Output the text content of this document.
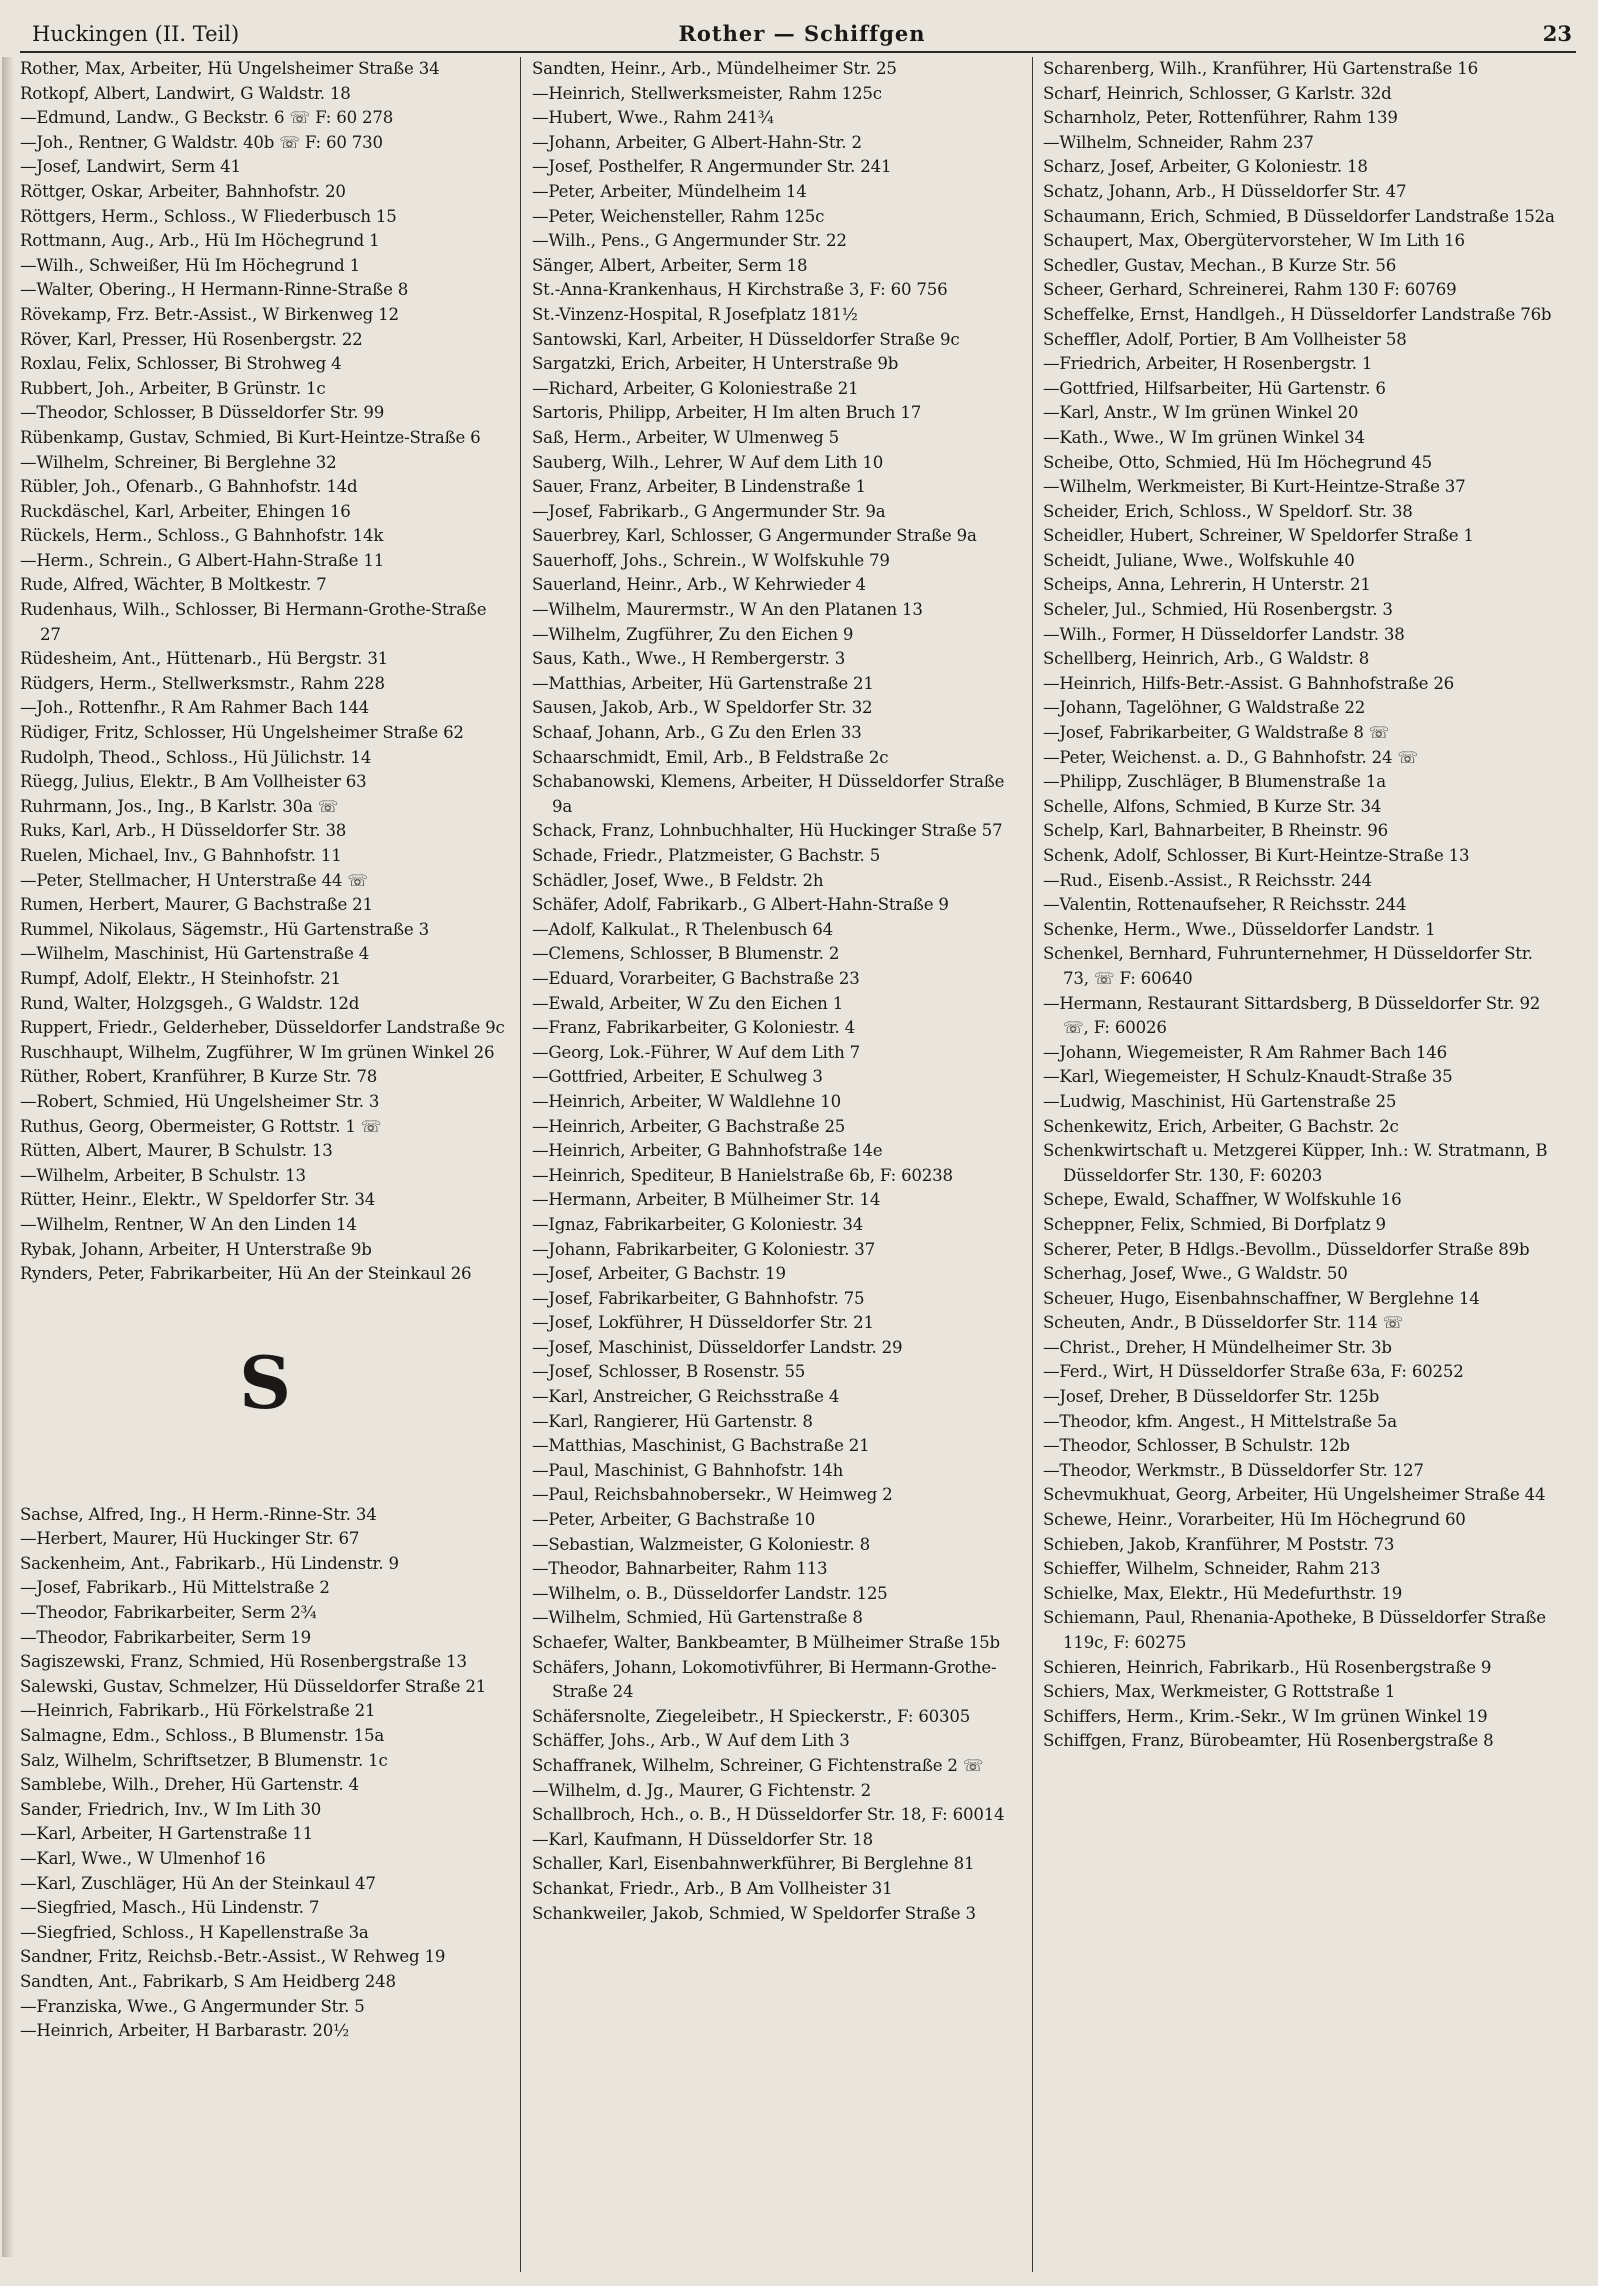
Huckingen (II. Teil)	Rother — Schiffgen	23
Rother, Max, Arbeiter, Hü Ungelsheimer Straße 34
Rotkopf, Albert, Landwirt, G Waldstr. 18
—Edmund, Landw., G Beckstr. 6 ☏ F: 60 278
—Joh., Rentner, G Waldstr. 40b ☏ F: 60 730
—Josef, Landwirt, Serm 41
Röttger, Oskar, Arbeiter, Bahnhofstr. 20
Röttgers, Herm., Schloss., W Fliederbusch 15
Rottmann, Aug., Arb., Hü Im Höchegrund 1
—Wilh., Schweißer, Hü Im Höchegrund 1
—Walter, Obering., H Hermann-Rinne-Straße 8
Rövekamp, Frz. Betr.-Assist., W Birkenweg 12
Röver, Karl, Presser, Hü Rosenbergstr. 22
Roxlau, Felix, Schlosser, Bi Strohweg 4
Rubbert, Joh., Arbeiter, B Grünstr. 1c
—Theodor, Schlosser, B Düsseldorfer Str. 99
Rübenkamp, Gustav, Schmied, Bi Kurt-Heintze-Straße 6
—Wilhelm, Schreiner, Bi Berglehne 32
Rübler, Joh., Ofenarb., G Bahnhofstr. 14d
Ruckdäschel, Karl, Arbeiter, Ehingen 16
Rückels, Herm., Schloss., G Bahnhofstr. 14k
—Herm., Schrein., G Albert-Hahn-Straße 11
Rude, Alfred, Wächter, B Moltkestr. 7
Rudenhaus, Wilh., Schlosser, Bi Hermann-Grothe-Straße 27
Rüdesheim, Ant., Hüttenarb., Hü Bergstr. 31
Rüdgers, Herm., Stellwerksmstr., Rahm 228
—Joh., Rottenfhr., R Am Rahmer Bach 144
Rüdiger, Fritz, Schlosser, Hü Ungelsheimer Straße 62
Rudolph, Theod., Schloss., Hü Jülichstr. 14
Rüegg, Julius, Elektr., B Am Vollheister 63
Ruhrmann, Jos., Ing., B Karlstr. 30a ☏
Ruks, Karl, Arb., H Düsseldorfer Str. 38
Ruelen, Michael, Inv., G Bahnhofstr. 11
—Peter, Stellmacher, H Unterstraße 44 ☏
Rumen, Herbert, Maurer, G Bachstraße 21
Rummel, Nikolaus, Sägemstr., Hü Gartenstraße 3
—Wilhelm, Maschinist, Hü Gartenstraße 4
Rumpf, Adolf, Elektr., H Steinhofstr. 21
Rund, Walter, Holzgsgeh., G Waldstr. 12d
Ruppert, Friedr., Gelderheber, Düsseldorfer Landstraße 9c
Ruschhaupt, Wilhelm, Zugführer, W Im grünen Winkel 26
Rüther, Robert, Kranführer, B Kurze Str. 78
—Robert, Schmied, Hü Ungelsheimer Str. 3
Ruthus, Georg, Obermeister, G Rottstr. 1 ☏
Rütten, Albert, Maurer, B Schulstr. 13
—Wilhelm, Arbeiter, B Schulstr. 13
Rütter, Heinr., Elektr., W Speldorfer Str. 34
—Wilhelm, Rentner, W An den Linden 14
Rybak, Johann, Arbeiter, H Unterstraße 9b
Rynders, Peter, Fabrikarbeiter, Hü An der Steinkaul 26
S
Sachse, Alfred, Ing., H Herm.-Rinne-Str. 34
—Herbert, Maurer, Hü Huckinger Str. 67
Sackenheim, Ant., Fabrikarb., Hü Lindenstr. 9
—Josef, Fabrikarb., Hü Mittelstraße 2
—Theodor, Fabrikarbeiter, Serm 2¾
—Theodor, Fabrikarbeiter, Serm 19
Sagiszewski, Franz, Schmied, Hü Rosenbergstraße 13
Salewski, Gustav, Schmelzer, Hü Düsseldorfer Straße 21
—Heinrich, Fabrikarb., Hü Förkelstraße 21
Salmagne, Edm., Schloss., B Blumenstr. 15a
Salz, Wilhelm, Schriftsetzer, B Blumenstr. 1c
Samblebe, Wilh., Dreher, Hü Gartenstr. 4
Sander, Friedrich, Inv., W Im Lith 30
—Karl, Arbeiter, H Gartenstraße 11
—Karl, Wwe., W Ulmenhof 16
—Karl, Zuschläger, Hü An der Steinkaul 47
—Siegfried, Masch., Hü Lindenstr. 7
—Siegfried, Schloss., H Kapellenstraße 3a
Sandner, Fritz, Reichsb.-Betr.-Assist., W Rehweg 19
Sandten, Ant., Fabrikarb, S Am Heidberg 248
—Franziska, Wwe., G Angermunder Str. 5
—Heinrich, Arbeiter, H Barbarastr. 20½
Sandten, Heinr., Arb., Mündelheimer Str. 25
—Heinrich, Stellwerksmeister, Rahm 125c
—Hubert, Wwe., Rahm 241¾
—Johann, Arbeiter, G Albert-Hahn-Str. 2
—Josef, Posthelfer, R Angermunder Str. 241
—Peter, Arbeiter, Mündelheim 14
—Peter, Weichensteller, Rahm 125c
—Wilh., Pens., G Angermunder Str. 22
Sänger, Albert, Arbeiter, Serm 18
St.-Anna-Krankenhaus, H Kirchstraße 3, F: 60 756
St.-Vinzenz-Hospital, R Josefplatz 181½
Santowski, Karl, Arbeiter, H Düsseldorfer Straße 9c
Sargatzki, Erich, Arbeiter, H Unterstraße 9b
—Richard, Arbeiter, G Koloniestraße 21
Sartoris, Philipp, Arbeiter, H Im alten Bruch 17
Saß, Herm., Arbeiter, W Ulmenweg 5
Sauberg, Wilh., Lehrer, W Auf dem Lith 10
Sauer, Franz, Arbeiter, B Lindenstraße 1
—Josef, Fabrikarb., G Angermunder Str. 9a
Sauerbrey, Karl, Schlosser, G Angermunder Straße 9a
Sauerhoff, Johs., Schrein., W Wolfskuhle 79
Sauerland, Heinr., Arb., W Kehrwieder 4
—Wilhelm, Maurermstr., W An den Platanen 13
—Wilhelm, Zugführer, Zu den Eichen 9
Saus, Kath., Wwe., H Rembergerstr. 3
—Matthias, Arbeiter, Hü Gartenstraße 21
Sausen, Jakob, Arb., W Speldorfer Str. 32
Schaaf, Johann, Arb., G Zu den Erlen 33
Schaarschmidt, Emil, Arb., B Feldstraße 2c
Schabanowski, Klemens, Arbeiter, H Düsseldorfer Straße 9a
Schack, Franz, Lohnbuchhalter, Hü Huckinger Straße 57
Schade, Friedr., Platzmeister, G Bachstr. 5
Schädler, Josef, Wwe., B Feldstr. 2h
Schäfer, Adolf, Fabrikarb., G Albert-Hahn-Straße 9
—Adolf, Kalkulat., R Thelenbusch 64
—Clemens, Schlosser, B Blumenstr. 2
—Eduard, Vorarbeiter, G Bachstraße 23
—Ewald, Arbeiter, W Zu den Eichen 1
—Franz, Fabrikarbeiter, G Koloniestr. 4
—Georg, Lok.-Führer, W Auf dem Lith 7
—Gottfried, Arbeiter, E Schulweg 3
—Heinrich, Arbeiter, W Waldlehne 10
—Heinrich, Arbeiter, G Bachstraße 25
—Heinrich, Arbeiter, G Bahnhofstraße 14e
—Heinrich, Spediteur, B Hanielstraße 6b, F: 60238
—Hermann, Arbeiter, B Mülheimer Str. 14
—Ignaz, Fabrikarbeiter, G Koloniestr. 34
—Johann, Fabrikarbeiter, G Koloniestr. 37
—Josef, Arbeiter, G Bachstr. 19
—Josef, Fabrikarbeiter, G Bahnhofstr. 75
—Josef, Lokführer, H Düsseldorfer Str. 21
—Josef, Maschinist, Düsseldorfer Landstr. 29
—Josef, Schlosser, B Rosenstr. 55
—Karl, Anstreicher, G Reichsstraße 4
—Karl, Rangierer, Hü Gartenstr. 8
—Matthias, Maschinist, G Bachstraße 21
—Paul, Maschinist, G Bahnhofstr. 14h
—Paul, Reichsbahnobersekr., W Heimweg 2
—Peter, Arbeiter, G Bachstraße 10
—Sebastian, Walzmeister, G Koloniestr. 8
—Theodor, Bahnarbeiter, Rahm 113
—Wilhelm, o. B., Düsseldorfer Landstr. 125
—Wilhelm, Schmied, Hü Gartenstraße 8
Schaefer, Walter, Bankbeamter, B Mülheimer Straße 15b
Schäfers, Johann, Lokomotivführer, Bi Hermann-Grothe-Straße 24
Schäfersnolte, Ziegeleibetr., H Spieckerstr., F: 60305
Schäffer, Johs., Arb., W Auf dem Lith 3
Schaffranek, Wilhelm, Schreiner, G Fichtenstraße 2 ☏
—Wilhelm, d. Jg., Maurer, G Fichtenstr. 2
Schallbroch, Hch., o. B., H Düsseldorfer Str. 18, F: 60014
—Karl, Kaufmann, H Düsseldorfer Str. 18
Schaller, Karl, Eisenbahnwerkführer, Bi Berglehne 81
Schankat, Friedr., Arb., B Am Vollheister 31
Schankweiler, Jakob, Schmied, W Speldorfer Straße 3
Scharenberg, Wilh., Kranführer, Hü Gartenstraße 16
Scharf, Heinrich, Schlosser, G Karlstr. 32d
Scharnholz, Peter, Rottenführer, Rahm 139
—Wilhelm, Schneider, Rahm 237
Scharz, Josef, Arbeiter, G Koloniestr. 18
Schatz, Johann, Arb., H Düsseldorfer Str. 47
Schaumann, Erich, Schmied, B Düsseldorfer Landstraße 152a
Schaupert, Max, Obergütervorsteher, W Im Lith 16
Schedler, Gustav, Mechan., B Kurze Str. 56
Scheer, Gerhard, Schreinerei, Rahm 130 F: 60769
Scheffelke, Ernst, Handlgeh., H Düsseldorfer Landstraße 76b
Scheffler, Adolf, Portier, B Am Vollheister 58
—Friedrich, Arbeiter, H Rosenbergstr. 1
—Gottfried, Hilfsarbeiter, Hü Gartenstr. 6
—Karl, Anstr., W Im grünen Winkel 20
—Kath., Wwe., W Im grünen Winkel 34
Scheibe, Otto, Schmied, Hü Im Höchegrund 45
—Wilhelm, Werkmeister, Bi Kurt-Heintze-Straße 37
Scheider, Erich, Schloss., W Speldorf. Str. 38
Scheidler, Hubert, Schreiner, W Speldorfer Straße 1
Scheidt, Juliane, Wwe., Wolfskuhle 40
Scheips, Anna, Lehrerin, H Unterstr. 21
Scheler, Jul., Schmied, Hü Rosenbergstr. 3
—Wilh., Former, H Düsseldorfer Landstr. 38
Schellberg, Heinrich, Arb., G Waldstr. 8
—Heinrich, Hilfs-Betr.-Assist. G Bahnhofstraße 26
—Johann, Tagelöhner, G Waldstraße 22
—Josef, Fabrikarbeiter, G Waldstraße 8 ☏
—Peter, Weichenst. a. D., G Bahnhofstr. 24 ☏
—Philipp, Zuschläger, B Blumenstraße 1a
Schelle, Alfons, Schmied, B Kurze Str. 34
Schelp, Karl, Bahnarbeiter, B Rheinstr. 96
Schenk, Adolf, Schlosser, Bi Kurt-Heintze-Straße 13
—Rud., Eisenb.-Assist., R Reichsstr. 244
—Valentin, Rottenaufseher, R Reichsstr. 244
Schenke, Herm., Wwe., Düsseldorfer Landstr. 1
Schenkel, Bernhard, Fuhrunternehmer, H Düsseldorfer Str. 73, ☏ F: 60640
—Hermann, Restaurant Sittardsberg, B Düsseldorfer Str. 92 ☏, F: 60026
—Johann, Wiegemeister, R Am Rahmer Bach 146
—Karl, Wiegemeister, H Schulz-Knaudt-Straße 35
—Ludwig, Maschinist, Hü Gartenstraße 25
Schenkewitz, Erich, Arbeiter, G Bachstr. 2c
Schenkwirtschaft u. Metzgerei Küpper, Inh.: W. Stratmann, B Düsseldorfer Str. 130, F: 60203
Schepe, Ewald, Schaffner, W Wolfskuhle 16
Scheppner, Felix, Schmied, Bi Dorfplatz 9
Scherer, Peter, B Hdlgs.-Bevollm., Düsseldorfer Straße 89b
Scherhag, Josef, Wwe., G Waldstr. 50
Scheuer, Hugo, Eisenbahnschaffner, W Berglehne 14
Scheuten, Andr., B Düsseldorfer Str. 114 ☏
—Christ., Dreher, H Mündelheimer Str. 3b
—Ferd., Wirt, H Düsseldorfer Straße 63a, F: 60252
—Josef, Dreher, B Düsseldorfer Str. 125b
—Theodor, kfm. Angest., H Mittelstraße 5a
—Theodor, Schlosser, B Schulstr. 12b
—Theodor, Werkmstr., B Düsseldorfer Str. 127
Schevmukhuat, Georg, Arbeiter, Hü Ungelsheimer Straße 44
Schewe, Heinr., Vorarbeiter, Hü Im Höchegrund 60
Schieben, Jakob, Kranführer, M Poststr. 73
Schieffer, Wilhelm, Schneider, Rahm 213
Schielke, Max, Elektr., Hü Medefurthstr. 19
Schiemann, Paul, Rhenania-Apotheke, B Düsseldorfer Straße 119c, F: 60275
Schieren, Heinrich, Fabrikarb., Hü Rosenbergstraße 9
Schiers, Max, Werkmeister, G Rottstraße 1
Schiffers, Herm., Krim.-Sekr., W Im grünen Winkel 19
Schiffgen, Franz, Bürobeamter, Hü Rosenbergstraße 8
